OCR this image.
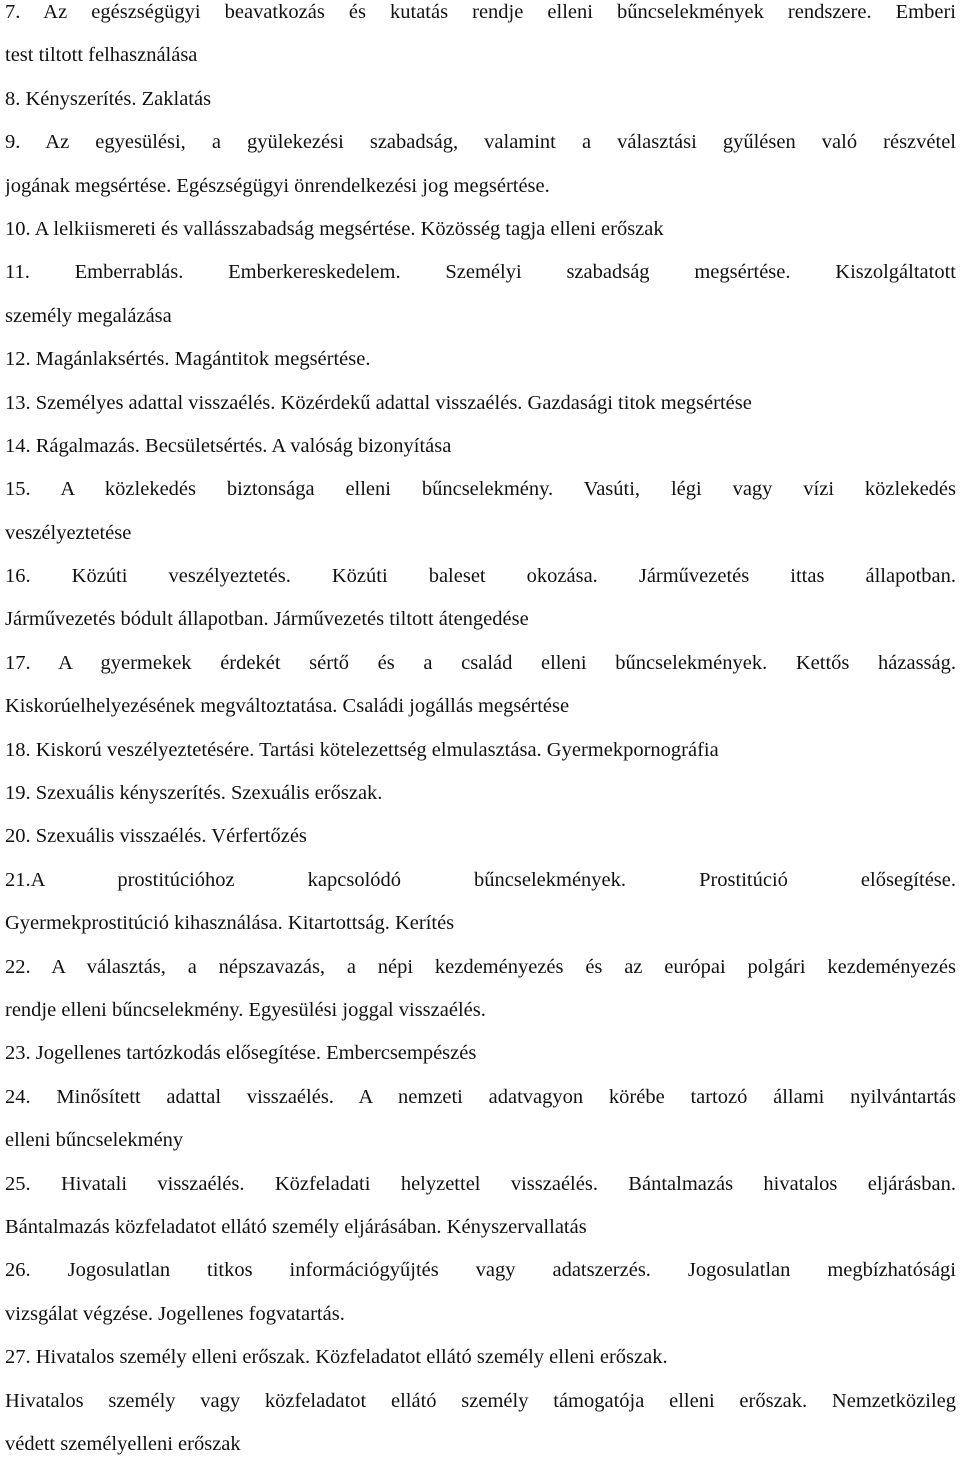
7. Az egészségügyi beavatkozás és kutatás rendje elleni bűncselekmények rendszere. Emberi
test tiltott felhasználása
8. Kényszerítés. Zaklatás
9. Az egyesülési, a gyülekezési szabadság, valamint a választási gyűlésen való részvétel
jogának megsértése. Egészségügyi önrendelkezési jog megsértése.
10. A lelkiismereti és vallásszabadság megsértése. Közösség tagja elleni erőszak
11. Emberrablás. Emberkereskedelem. Személyi szabadság megsértése. Kiszolgáltatott
személy megalázása
12. Magánlaksértés. Magántitok megsértése.
13. Személyes adattal visszaélés. Közérdekű adattal visszaélés. Gazdasági titok megsértése
14. Rágalmazás. Becsületsértés. A valóság bizonyítása
15. A közlekedés biztonsága elleni bűncselekmény. Vasúti, légi vagy vízi közlekedés
veszélyeztetése
16. Közúti veszélyeztetés. Közúti baleset okozása. Járművezetés ittas állapotban.
Járművezetés bódult állapotban. Járművezetés tiltott átengedése
17. A gyermekek érdekét sértő és a család elleni bűncselekmények. Kettős házasság.
Kiskorúelhelyezésének megváltoztatása. Családi jogállás megsértése
18. Kiskorú veszélyeztetésére. Tartási kötelezettség elmulasztása. Gyermekpornográfia
19. Szexuális kényszerítés. Szexuális erőszak.
20. Szexuális visszaélés. Vérfertőzés
21.A prostitúcióhoz kapcsolódó bűncselekmények. Prostitúció elősegítése.
Gyermekprostitúció kihasználása. Kitartottság. Kerítés
22. A választás, a népszavazás, a népi kezdeményezés és az európai polgári kezdeményezés
rendje elleni bűncselekmény. Egyesülési joggal visszaélés.
23. Jogellenes tartózkodás elősegítése. Embercsempészés
24. Minősített adattal visszaélés. A nemzeti adatvagyon körébe tartozó állami nyilvántartás
elleni bűncselekmény
25. Hivatali visszaélés. Közfeladati helyzettel visszaélés. Bántalmazás hivatalos eljárásban.
Bántalmazás közfeladatot ellátó személy eljárásában. Kényszervallatás
26. Jogosulatlan titkos információgyűjtés vagy adatszerzés. Jogosulatlan megbízhatósági
vizsgálat végzése. Jogellenes fogvatartás.
27. Hivatalos személy elleni erőszak. Közfeladatot ellátó személy elleni erőszak.
Hivatalos személy vagy közfeladatot ellátó személy támogatója elleni erőszak. Nemzetközileg
védett személyelleni erőszak
